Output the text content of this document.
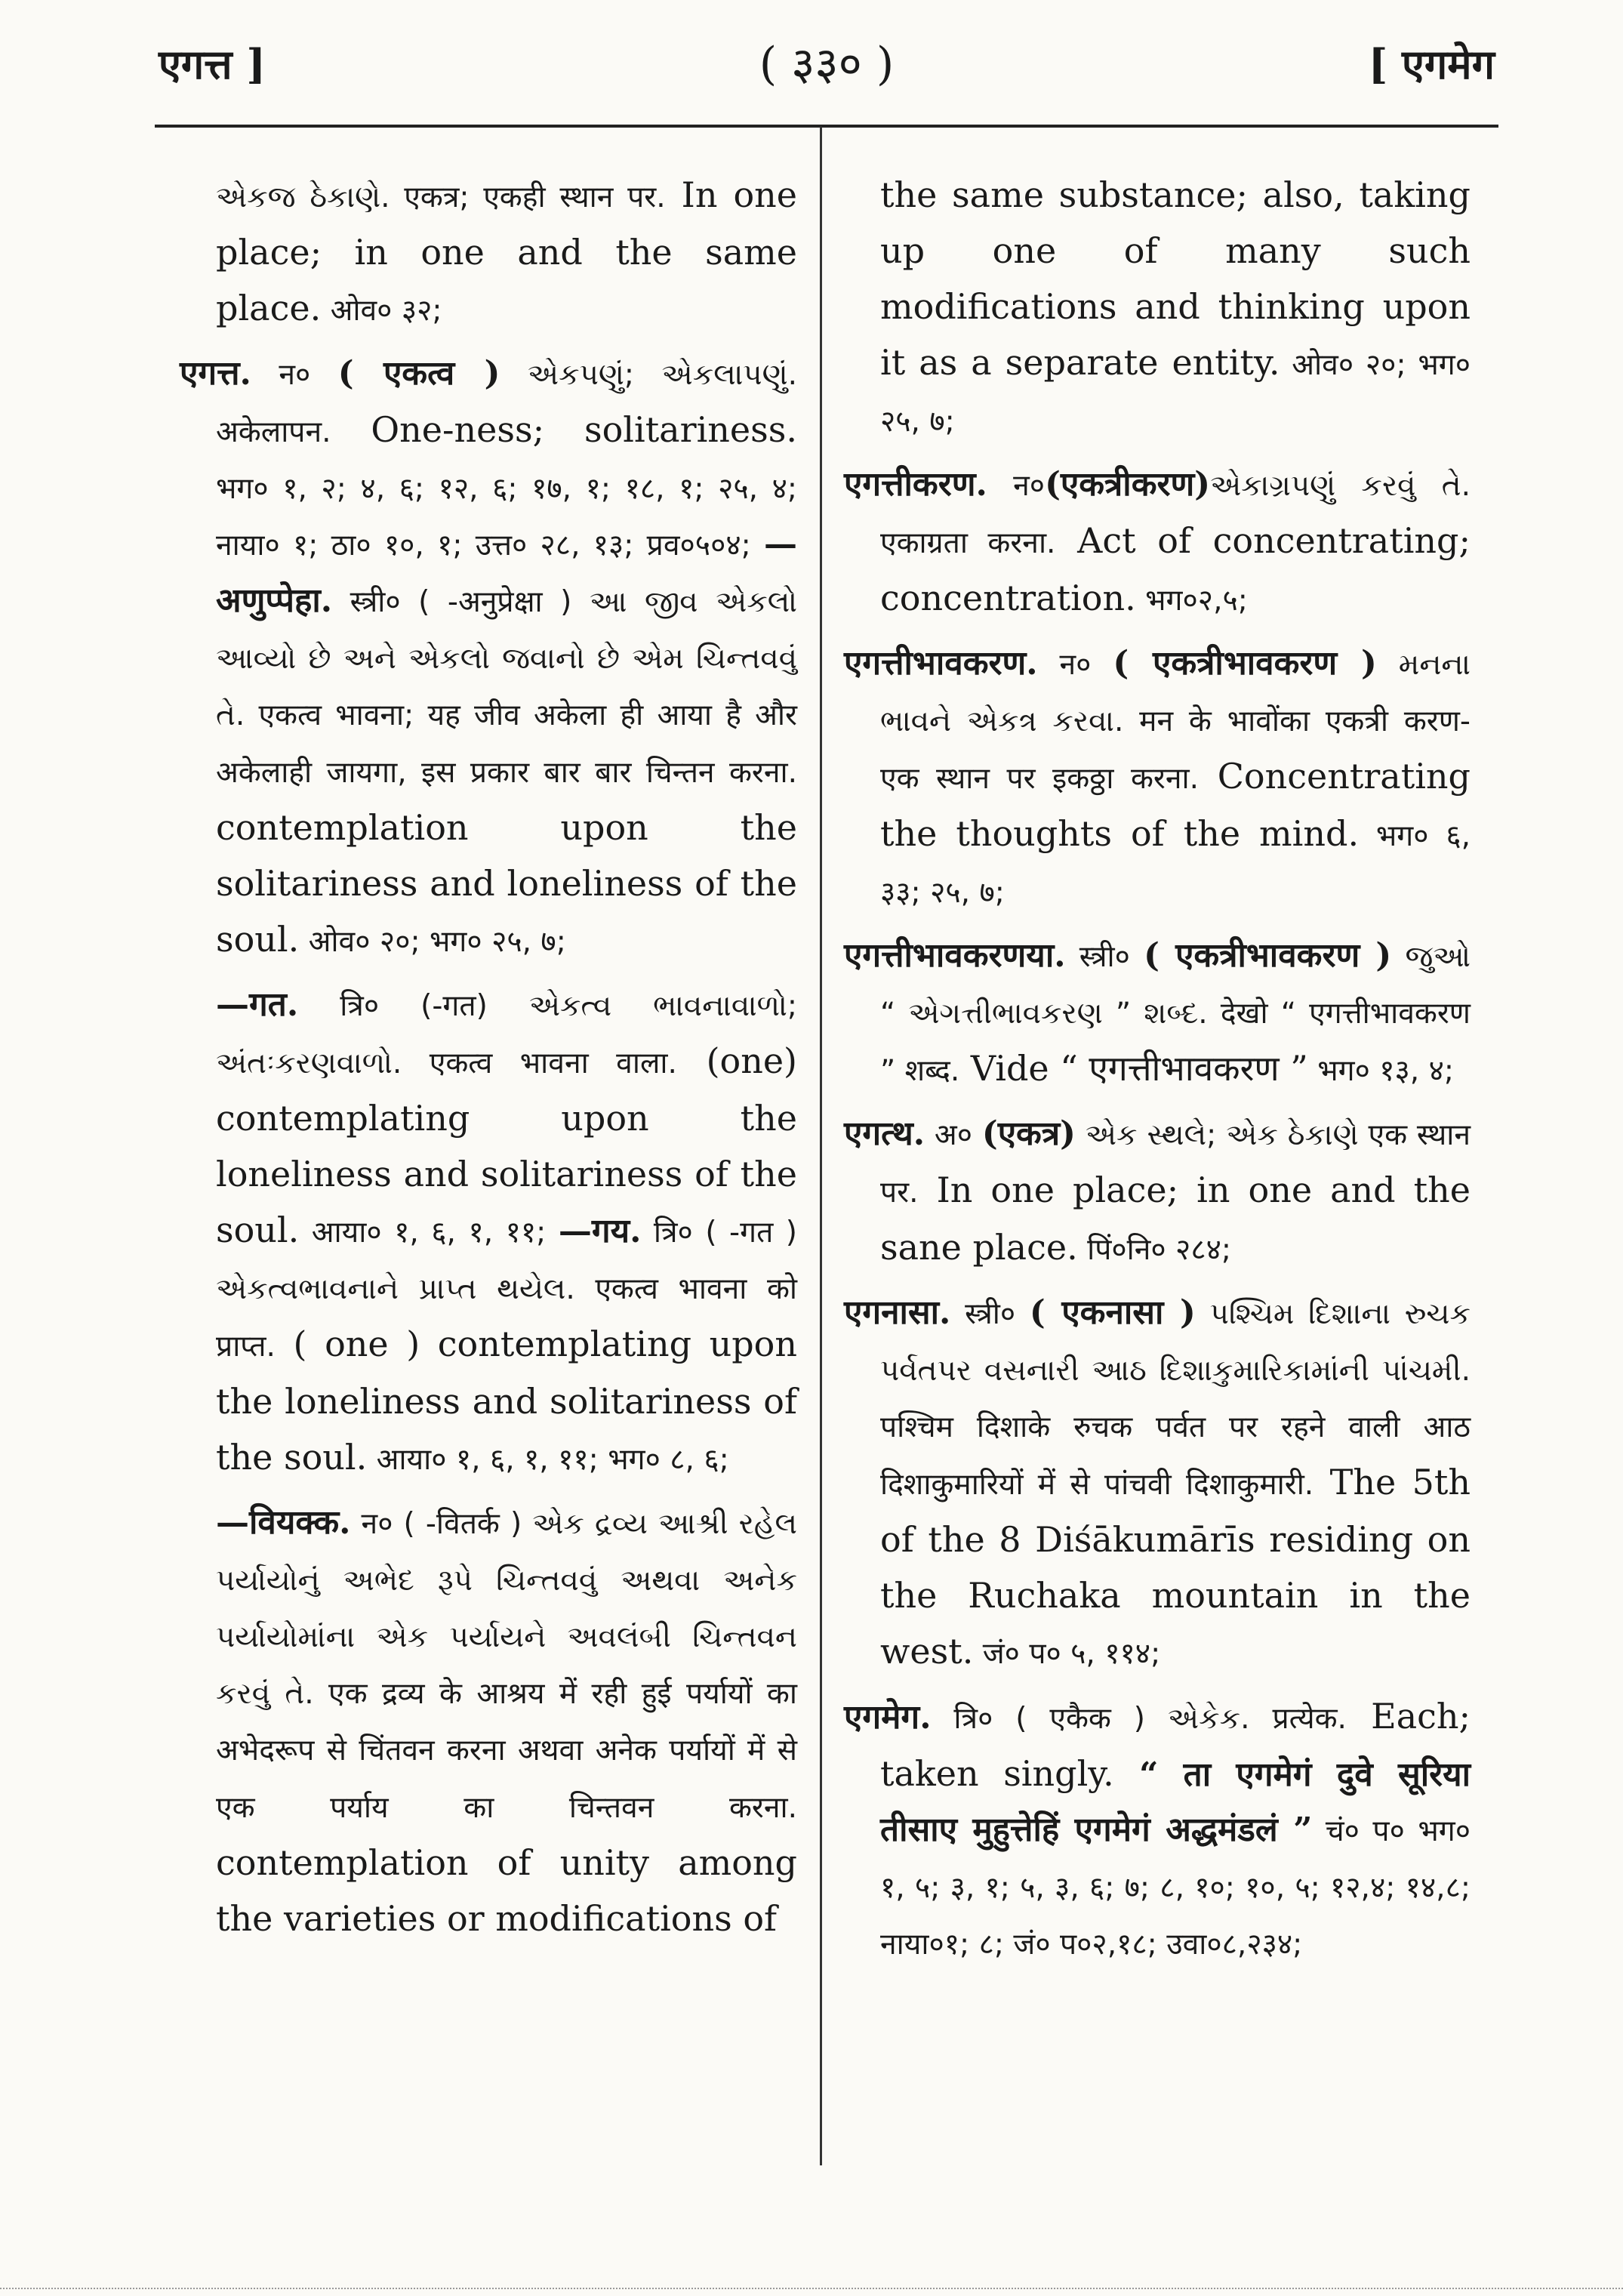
एगत्त ]	( ३३० )	[ एगमेग

એકજ ઠેકાણે. एकत्र; एकही स्थान पर. In one place; in one and the same place. ओव० ३२;

एगत्त. न० ( एकत्व ) એકપણું; એકલાપણું. अकेलापन. One-ness; solitariness. भग० १, २; ४, ६; १२, ६; १७, १; १८, १; २५, ४; नाया० १; ठा० १०, १; उत्त० २८, १३; प्रव०५०४; —अणुप्पेहा. स्त्री० ( -अनुप्रेक्षा ) આ જીવ એકલો આવ્યો છે અને એકલો જવાનો છે એમ ચિન્તવવું તે. एकत्व भावना; यह जीव अकेला ही आया है और अकेलाही जायगा, इस प्रकार बार बार चिन्तन करना. contemplation upon the solitariness and loneliness of the soul. ओव० २०; भग० २५, ७;

—गत. त्रि० (-गत) એકત્વ ભાવનાવાળો; અંતઃકરણવાળો. एकत्व भावना वाला. (one) contemplating upon the loneliness and solitariness of the soul. आया० १, ६, १, ११; —गय. त्रि० ( -गत ) એકત્વભાવનાને પ્રાપ્ત થયેલ. एकत्व भावना को प्राप्त. ( one ) contemplating upon the loneliness and solitariness of the soul. आया० १, ६, १, ११; भग० ८, ६;

—वियक्क. न० ( -वितर्क ) એક દ્રવ્ય આશ્રી રહેલ પર્યાયોનું અભેદ રૂપે ચિન્તવવું અથવા અનેક પર્યાયોમાંના એક પર્યાયને અવલંબી ચિન્તવન કરવું તે. एक द्रव्य के आश्रय में रही हुई पर्यायों का अभेदरूप से चिंतवन करना अथवा अनेक पर्यायों में से एक पर्याय का चिन्तवन करना. contemplation of unity among the varieties or modifications of

the same substance; also, taking up one of many such modifications and thinking upon it as a separate entity. ओव० २०; भग० २५, ७;

एगत्तीकरण. न०(एकत्रीकरण)એકાગ્રપણું કરવું તે. एकाग्रता करना. Act of concentrating; concentration. भग०२,५;

एगत्तीभावकरण. न० ( एकत्रीभावकरण ) મનના ભાવને એકત્ર કરવા. मन के भावोंका एकत्री करण- एक स्थान पर इकठ्ठा करना. Concentrating the thoughts of the mind. भग० ६, ३३; २५, ७;

एगत्तीभावकरणया. स्त्री० ( एकत्रीभावकरण ) જુઓ “ એગત્તીભાવકરણ ” શબ્દ. देखो “ एगत्तीभावकरण ” शब्द. Vide “ एगत्तीभावकरण ” भग० १३, ४;

एगत्थ. अ० (एकत्र) એક સ્થલે; એક ઠેકાણે एक स्थान पर. In one place; in one and the sane place. पिं०नि० २८४;

एगनासा. स्त्री० ( एकनासा ) પશ્ચિમ દિશાના રુચક પર્વતપર વસનારી આઠ દિશાકુમારિકામાંની પાંચમી. पश्चिम दिशाके रुचक पर्वत पर रहने वाली आठ दिशाकुमारियों में से पांचवी दिशाकुमारी. The 5th of the 8 Diśākumārīs residing on the Ruchaka mountain in the west. जं० प० ५, ११४;

एगमेग. त्रि० ( एकैक ) એકેક. प्रत्येक. Each; taken singly. “ ता एगमेगं दुवे सूरिया तीसाए मुहुत्तेहिं एगमेगं अद्धमंडलं ” चं० प० भग० १, ५; ३, १; ५, ३, ६; ७; ८, १०; १०, ५; १२,४; १४,८; नाया०१; ८; जं० प०२,१८; उवा०८,२३४;
